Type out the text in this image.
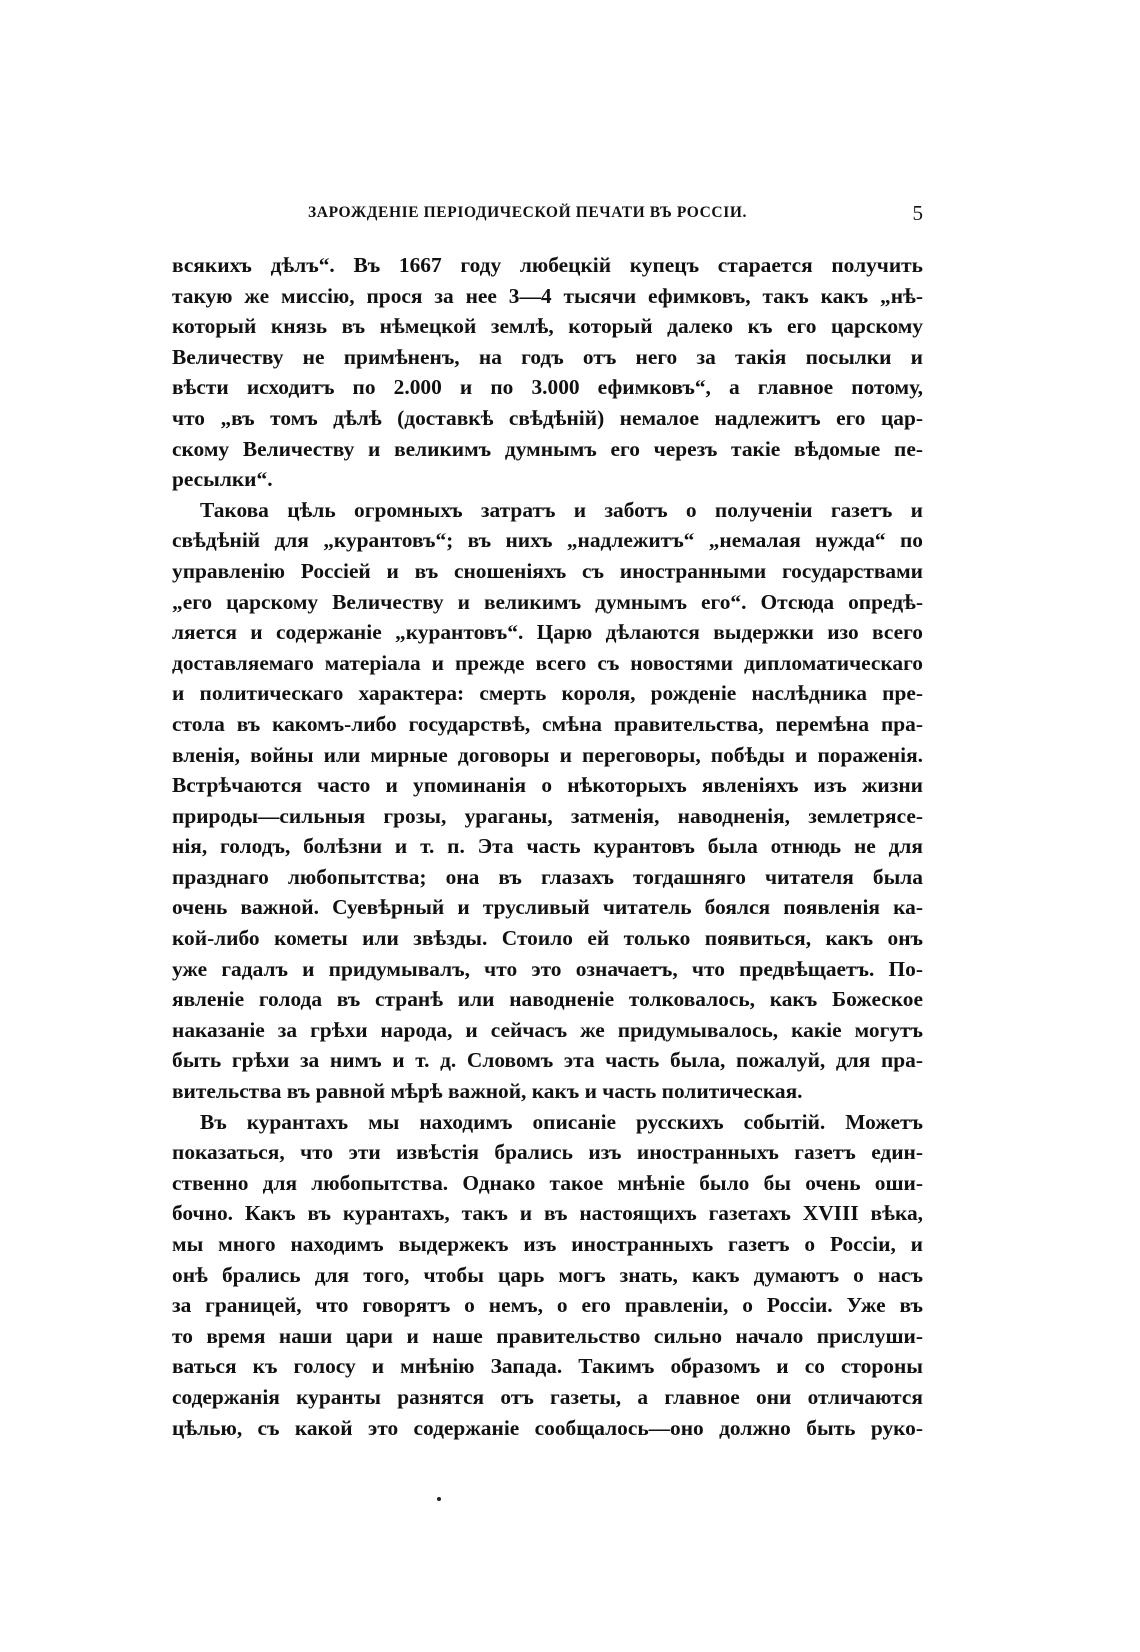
ЗАРОЖДЕНІЕ ПЕРІОДИЧЕСКОЙ ПЕЧАТИ ВЪ РОССІИ.	5
всякихъ дѣлъ“. Въ 1667 году любецкій купецъ старается получить
такую же миссію, прося за нее 3—4 тысячи ефимковъ, такъ какъ „нѣ-
который князь въ нѣмецкой землѣ, который далеко къ его царскому
Величеству не примѣненъ, на годъ отъ него за такія посылки и
вѣсти исходитъ по 2.000 и по 3.000 ефимковъ“, а главное потому,
что „въ томъ дѣлѣ (доставкѣ свѣдѣній) немалое надлежитъ его цар-
скому Величеству и великимъ думнымъ его черезъ такіе вѣдомые пе-
ресылки“.
Такова цѣль огромныхъ затратъ и заботъ о полученіи газетъ и
свѣдѣній для „курантовъ“; въ нихъ „надлежитъ“ „немалая нужда“ по
управленію Россіей и въ сношеніяхъ съ иностранными государствами
„его царскому Величеству и великимъ думнымъ его“. Отсюда опредѣ-
ляется и содержаніе „курантовъ“. Царю дѣлаются выдержки изо всего
доставляемаго матеріала и прежде всего съ новостями дипломатическаго
и политическаго характера: смерть короля, рожденіе наслѣдника пре-
стола въ какомъ-либо государствѣ, смѣна правительства, перемѣна пра-
вленія, войны или мирные договоры и переговоры, побѣды и пораженія.
Встрѣчаются часто и упоминанія о нѣкоторыхъ явленіяхъ изъ жизни
природы—сильныя грозы, ураганы, затменія, наводненія, землетрясе-
нія, голодъ, болѣзни и т. п. Эта часть курантовъ была отнюдь не для
празднаго любопытства; она въ глазахъ тогдашняго читателя была
очень важной. Суевѣрный и трусливый читатель боялся появленія ка-
кой-либо кометы или звѣзды. Стоило ей только появиться, какъ онъ
уже гадалъ и придумывалъ, что это означаетъ, что предвѣщаетъ. По-
явленіе голода въ странѣ или наводненіе толковалось, какъ Божеское
наказаніе за грѣхи народа, и сейчасъ же придумывалось, какіе могутъ
быть грѣхи за нимъ и т. д. Словомъ эта часть была, пожалуй, для пра-
вительства въ равной мѣрѣ важной, какъ и часть политическая.
Въ курантахъ мы находимъ описаніе русскихъ событій. Можетъ
показаться, что эти извѣстія брались изъ иностранныхъ газетъ един-
ственно для любопытства. Однако такое мнѣніе было бы очень оши-
бочно. Какъ въ курантахъ, такъ и въ настоящихъ газетахъ XVIII вѣка,
мы много находимъ выдержекъ изъ иностранныхъ газетъ о Россіи, и
онѣ брались для того, чтобы царь могъ знать, какъ думаютъ о насъ
за границей, что говорятъ о немъ, о его правленіи, о Россіи. Уже въ
то время наши цари и наше правительство сильно начало прислуши-
ваться къ голосу и мнѣнію Запада. Такимъ образомъ и со стороны
содержанія куранты разнятся отъ газеты, а главное они отличаются
цѣлью, съ какой это содержаніе сообщалось—оно должно быть руко-
